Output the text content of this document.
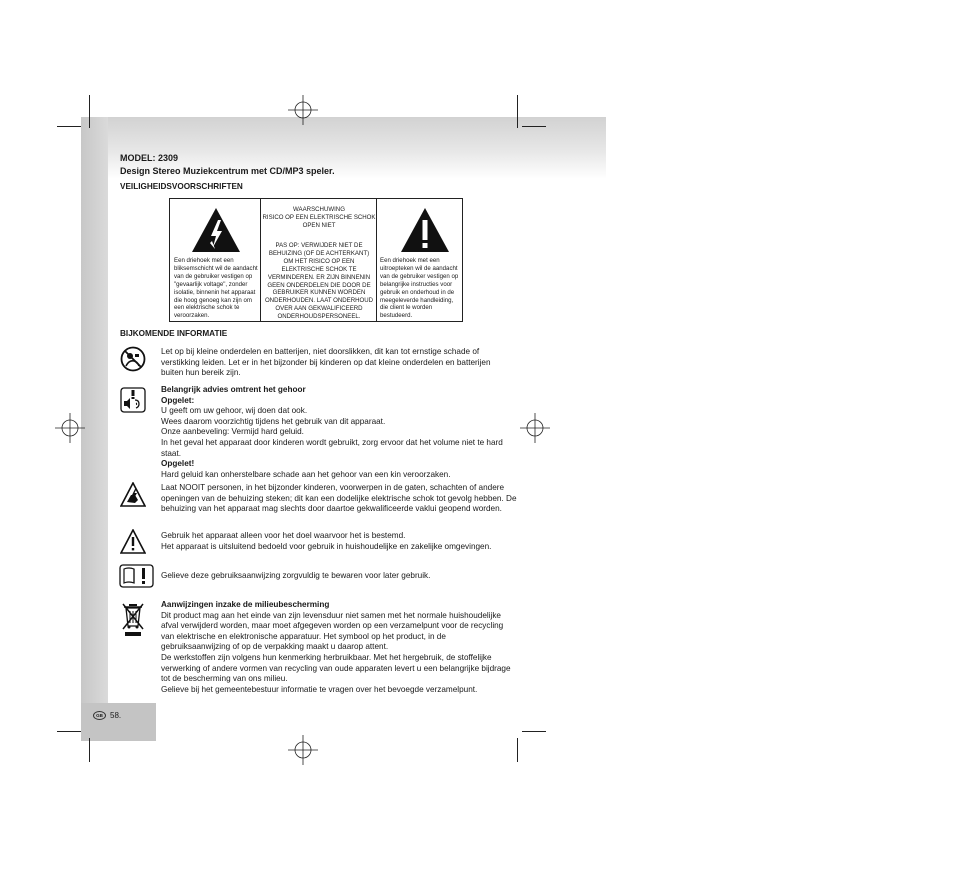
MODEL: 2309
Design Stereo Muziekcentrum met CD/MP3 speler.
VEILIGHEIDSVOORSCHRIFTEN
Een driehoek met een bliksemschicht wil de aandacht van de gebruiker vestigen op "gevaarlijk voltage", zonder isolatie, binnenin het apparaat die hoog genoeg kan zijn om een elektrische schok te veroorzaken.
WAARSCHUWING
RISICO OP EEN ELEKTRISCHE SCHOK
OPEN NIET
PAS OP: VERWIJDER NIET DE BEHUIZING (OF DE ACHTERKANT) OM HET RISICO OP EEN ELEKTRISCHE SCHOK TE VERMINDEREN. ER ZIJN BINNENIN GEEN ONDERDELEN DIE DOOR DE GEBRUIKER KUNNEN WORDEN ONDERHOUDEN. LAAT ONDERHOUD OVER AAN GEKWALIFICEERD ONDERHOUDSPERSONEEL.
Een driehoek met een uitroepteken wil de aandacht van de gebruiker vestigen op belangrijke instructies voor gebruik en onderhoud in de meegeleverde handleiding, die client le worden bestudeerd.
BIJKOMENDE INFORMATIE
Let op bij kleine onderdelen en batterijen, niet doorslikken, dit kan tot ernstige schade of verstikking leiden. Let er in het bijzonder bij kinderen op dat kleine onderdelen en batterijen buiten hun bereik zijn.
Belangrijk advies omtrent het gehoor
Opgelet:
U geeft om uw gehoor, wij doen dat ook.
Wees daarom voorzichtig tijdens het gebruik van dit apparaat.
Onze aanbeveling: Vermijd hard geluid.
In het geval het apparaat door kinderen wordt gebruikt, zorg ervoor dat het volume niet te hard staat.
Opgelet!
Hard geluid kan onherstelbare schade aan het gehoor van een kin veroorzaken.
Laat NOOIT personen, in het bijzonder kinderen, voorwerpen in de gaten, schachten of andere openingen van de behuizing steken; dit kan een dodelijke elektrische schok tot gevolg hebben. De behuizing van het apparaat mag slechts door daartoe gekwalificeerde vaklui geopend worden.
Gebruik het apparaat alleen voor het doel waarvoor het is bestemd.
Het apparaat is uitsluitend bedoeld voor gebruik in huishoudelijke en zakelijke omgevingen.
Gelieve deze gebruiksaanwijzing zorgvuldig te bewaren voor later gebruik.
Aanwijzingen inzake de milieubescherming
Dit product mag aan het einde van zijn levensduur niet samen met het normale huishoudelijke afval verwijderd worden, maar moet afgegeven worden op een verzamelpunt voor de recycling van elektrische en elektronische apparatuur. Het symbool op het product, in de gebruiksaanwijzing of op de verpakking maakt u daarop attent.
De werkstoffen zijn volgens hun kenmerking herbruikbaar. Met het hergebruik, de stoffelijke verwerking of andere vormen van recycling van oude apparaten levert u een belangrijke bijdrage tot de bescherming van ons milieu.
Gelieve bij het gemeentebestuur informatie te vragen over het bevoegde verzamelpunt.
GB 58.
